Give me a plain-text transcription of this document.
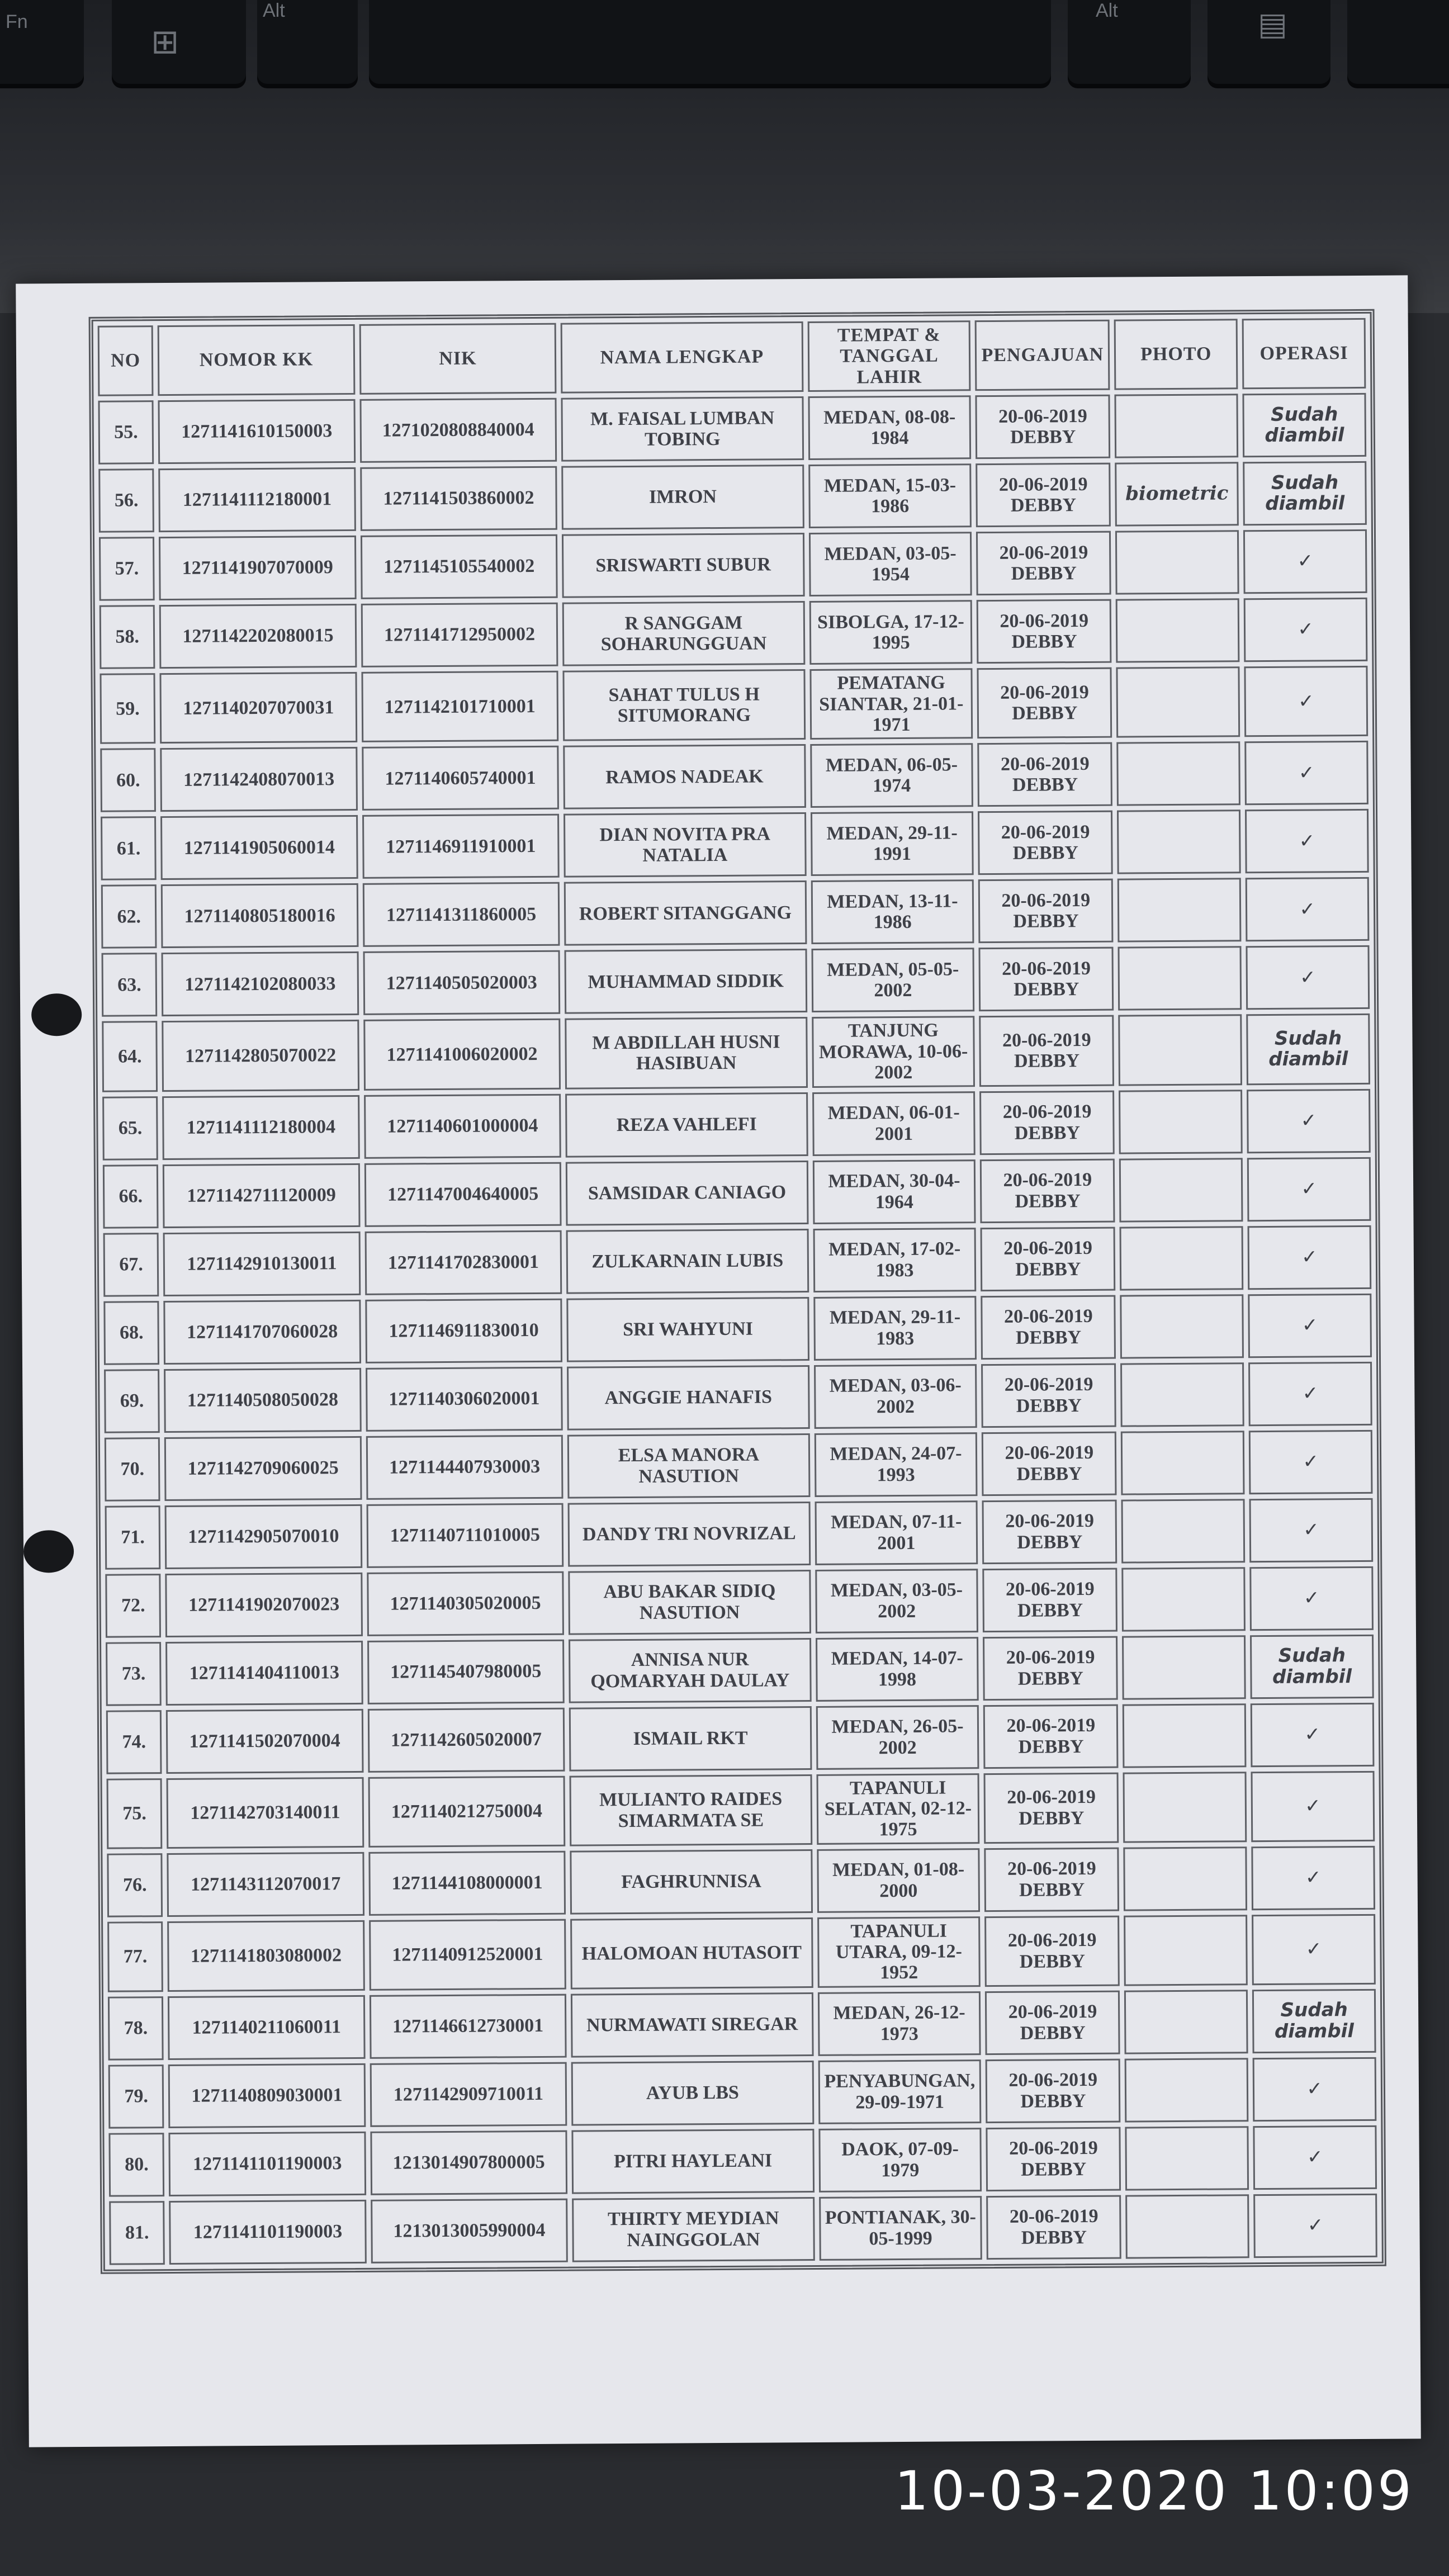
Fn
⊞
Alt	Alt	▤
NO	NOMOR KK	NIK	NAMA LENGKAP	TEMPAT & TANGGAL LAHIR	PENGAJUAN	PHOTO	OPERASI
55.	1271141610150003	1271020808840004	M. FAISAL LUMBAN TOBING	MEDAN, 08-08-1984	20-06-2019 DEBBY		Sudah diambil
56.	1271141112180001	1271141503860002	IMRON	MEDAN, 15-03-1986	20-06-2019 DEBBY	biometric	Sudah diambil
57.	1271141907070009	1271145105540002	SRISWARTI SUBUR	MEDAN, 03-05-1954	20-06-2019 DEBBY		✓
58.	1271142202080015	1271141712950002	R SANGGAM SOHARUNGGUAN	SIBOLGA, 17-12-1995	20-06-2019 DEBBY		✓
59.	1271140207070031	1271142101710001	SAHAT TULUS H SITUMORANG	PEMATANG SIANTAR, 21-01-1971	20-06-2019 DEBBY		✓
60.	1271142408070013	1271140605740001	RAMOS NADEAK	MEDAN, 06-05-1974	20-06-2019 DEBBY		✓
61.	1271141905060014	1271146911910001	DIAN NOVITA PRA NATALIA	MEDAN, 29-11-1991	20-06-2019 DEBBY		✓
62.	1271140805180016	1271141311860005	ROBERT SITANGGANG	MEDAN, 13-11-1986	20-06-2019 DEBBY		✓
63.	1271142102080033	1271140505020003	MUHAMMAD SIDDIK	MEDAN, 05-05-2002	20-06-2019 DEBBY		✓
64.	1271142805070022	1271141006020002	M ABDILLAH HUSNI HASIBUAN	TANJUNG MORAWA, 10-06-2002	20-06-2019 DEBBY		Sudah diambil
65.	1271141112180004	1271140601000004	REZA VAHLEFI	MEDAN, 06-01-2001	20-06-2019 DEBBY		✓
66.	1271142711120009	1271147004640005	SAMSIDAR CANIAGO	MEDAN, 30-04-1964	20-06-2019 DEBBY		✓
67.	1271142910130011	1271141702830001	ZULKARNAIN LUBIS	MEDAN, 17-02-1983	20-06-2019 DEBBY		✓
68.	1271141707060028	1271146911830010	SRI WAHYUNI	MEDAN, 29-11-1983	20-06-2019 DEBBY		✓
69.	1271140508050028	1271140306020001	ANGGIE HANAFIS	MEDAN, 03-06-2002	20-06-2019 DEBBY		✓
70.	1271142709060025	1271144407930003	ELSA MANORA NASUTION	MEDAN, 24-07-1993	20-06-2019 DEBBY		✓
71.	1271142905070010	1271140711010005	DANDY TRI NOVRIZAL	MEDAN, 07-11-2001	20-06-2019 DEBBY		✓
72.	1271141902070023	1271140305020005	ABU BAKAR SIDIQ NASUTION	MEDAN, 03-05-2002	20-06-2019 DEBBY		✓
73.	1271141404110013	1271145407980005	ANNISA NUR QOMARYAH DAULAY	MEDAN, 14-07-1998	20-06-2019 DEBBY		Sudah diambil
74.	1271141502070004	1271142605020007	ISMAIL RKT	MEDAN, 26-05-2002	20-06-2019 DEBBY		✓
75.	1271142703140011	1271140212750004	MULIANTO RAIDES SIMARMATA SE	TAPANULI SELATAN, 02-12-1975	20-06-2019 DEBBY		✓
76.	1271143112070017	1271144108000001	FAGHRUNNISA	MEDAN, 01-08-2000	20-06-2019 DEBBY		✓
77.	1271141803080002	1271140912520001	HALOMOAN HUTASOIT	TAPANULI UTARA, 09-12-1952	20-06-2019 DEBBY		✓
78.	1271140211060011	1271146612730001	NURMAWATI SIREGAR	MEDAN, 26-12-1973	20-06-2019 DEBBY		Sudah diambil
79.	1271140809030001	1271142909710011	AYUB LBS	PENYABUNGAN, 29-09-1971	20-06-2019 DEBBY		✓
80.	1271141101190003	1213014907800005	PITRI HAYLEANI	DAOK, 07-09-1979	20-06-2019 DEBBY		✓
81.	1271141101190003	1213013005990004	THIRTY MEYDIAN NAINGGOLAN	PONTIANAK, 30-05-1999	20-06-2019 DEBBY		✓
10-03-2020 10:09
